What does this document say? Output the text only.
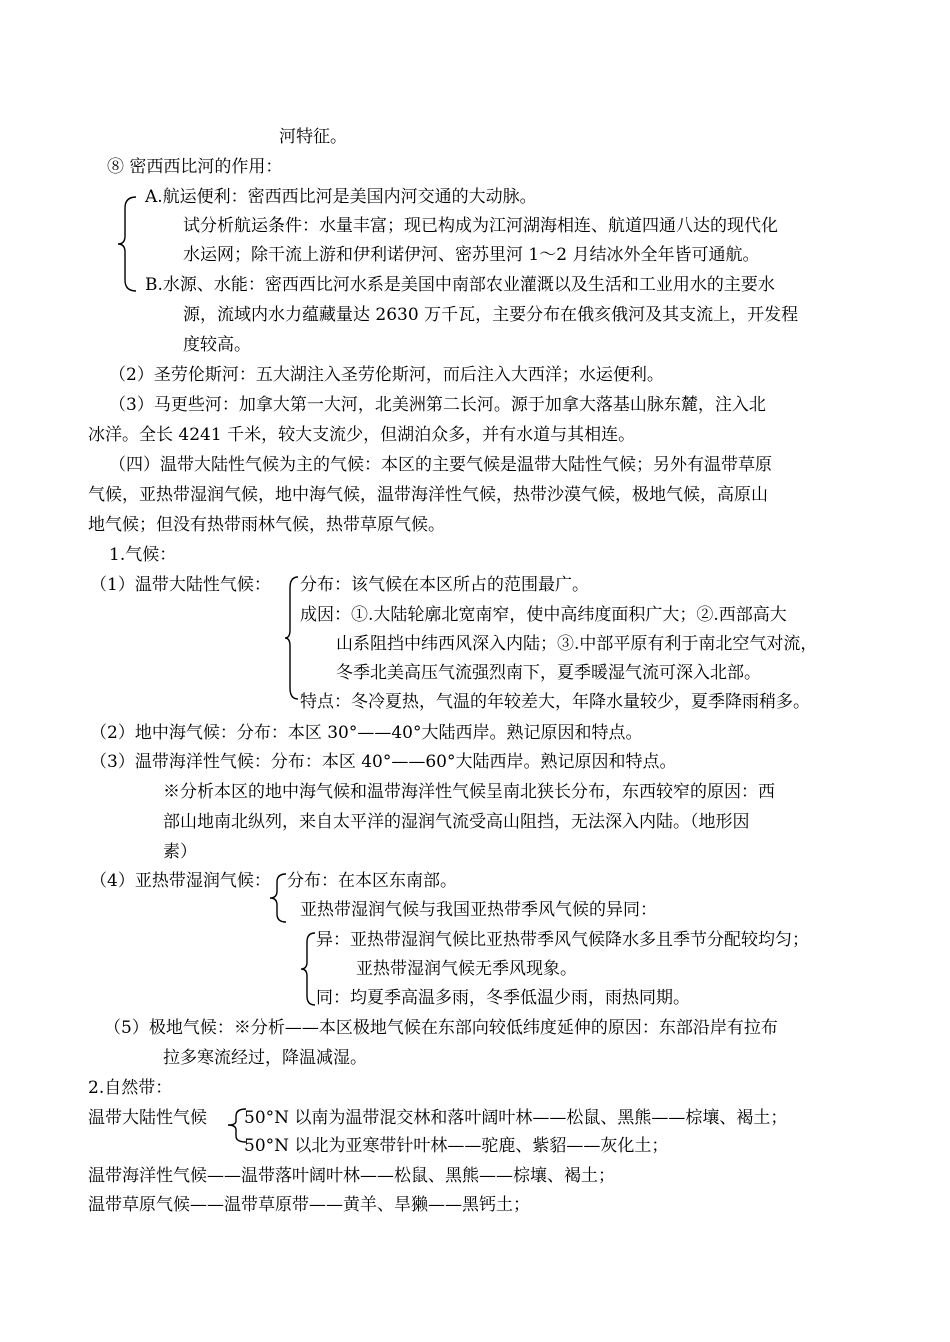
河特征。
⑧ 密西西比河的作用：
A.航运便利：密西西比河是美国内河交通的大动脉。
试分析航运条件：水量丰富；现已构成为江河湖海相连、航道四通八达的现代化
水运网；除干流上游和伊利诺伊河、密苏里河 1～2 月结冰外全年皆可通航。
B.水源、水能：密西西比河水系是美国中南部农业灌溉以及生活和工业用水的主要水
源，流域内水力蕴藏量达 2630 万千瓦，主要分布在俄亥俄河及其支流上，开发程
度较高。
（2）圣劳伦斯河：五大湖注入圣劳伦斯河，而后注入大西洋；水运便利。
（3）马更些河：加拿大第一大河，北美洲第二长河。源于加拿大落基山脉东麓，注入北
冰洋。全长 4241 千米，较大支流少，但湖泊众多，并有水道与其相连。
（四）温带大陆性气候为主的气候：本区的主要气候是温带大陆性气候；另外有温带草原
气候，亚热带湿润气候，地中海气候，温带海洋性气候，热带沙漠气候，极地气候，高原山
地气候；但没有热带雨林气候，热带草原气候。
1.气候：
（1）温带大陆性气候： 分布：该气候在本区所占的范围最广。
成因：①.大陆轮廓北宽南窄，使中高纬度面积广大；②.西部高大
山系阻挡中纬西风深入内陆；③.中部平原有利于南北空气对流，
冬季北美高压气流强烈南下，夏季暖湿气流可深入北部。
特点：冬冷夏热，气温的年较差大，年降水量较少，夏季降雨稍多。
（2）地中海气候：分布：本区 30°——40°大陆西岸。熟记原因和特点。
（3）温带海洋性气候：分布：本区 40°——60°大陆西岸。熟记原因和特点。
※分析本区的地中海气候和温带海洋性气候呈南北狭长分布，东西较窄的原因：西
部山地南北纵列，来自太平洋的湿润气流受高山阻挡，无法深入内陆。（地形因
素）
（4）亚热带湿润气候： 分布：在本区东南部。
亚热带湿润气候与我国亚热带季风气候的异同：
异：亚热带湿润气候比亚热带季风气候降水多且季节分配较均匀；
亚热带湿润气候无季风现象。
同：均夏季高温多雨，冬季低温少雨，雨热同期。
（5）极地气候：※分析——本区极地气候在东部向较低纬度延伸的原因：东部沿岸有拉布
拉多寒流经过，降温减湿。
2.自然带：
温带大陆性气候 50°N 以南为温带混交林和落叶阔叶林——松鼠、黑熊——棕壤、褐土；
50°N 以北为亚寒带针叶林——驼鹿、紫貂——灰化土；
温带海洋性气候——温带落叶阔叶林——松鼠、黑熊——棕壤、褐土；
温带草原气候——温带草原带——黄羊、旱獭——黑钙土；
